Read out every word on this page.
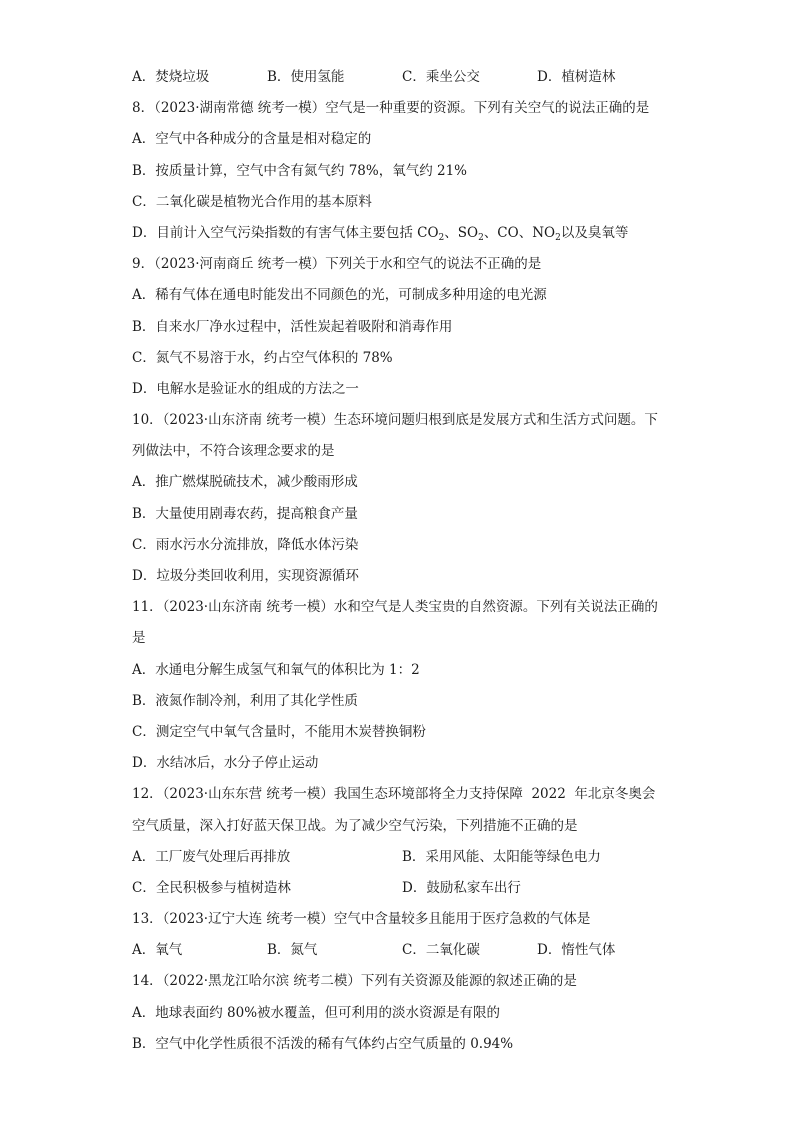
A．焚烧垃圾	B．使用氢能	C．乘坐公交	D．植树造林
8．（2023·湖南常德 统考一模）空气是一种重要的资源。下列有关空气的说法正确的是
A．空气中各种成分的含量是相对稳定的
B．按质量计算，空气中含有氮气约 78%，氧气约 21%
C．二氧化碳是植物光合作用的基本原料
D．目前计入空气污染指数的有害气体主要包括 $CO_2$、$SO_2$、CO、$NO_2$以及臭氧等
9．（2023·河南商丘 统考一模）下列关于水和空气的说法不正确的是
A．稀有气体在通电时能发出不同颜色的光，可制成多种用途的电光源
B．自来水厂净水过程中，活性炭起着吸附和消毒作用
C．氮气不易溶于水，约占空气体积的 78%
D．电解水是验证水的组成的方法之一
10．（2023·山东济南 统考一模）生态环境问题归根到底是发展方式和生活方式问题。下
列做法中，不符合该理念要求的是
A．推广燃煤脱硫技术，减少酸雨形成
B．大量使用剧毒农药，提高粮食产量
C．雨水污水分流排放，降低水体污染
D．垃圾分类回收利用，实现资源循环
11．（2023·山东济南 统考一模）水和空气是人类宝贵的自然资源。下列有关说法正确的
是
A．水通电分解生成氢气和氧气的体积比为 1：2
B．液氮作制冷剂，利用了其化学性质
C．测定空气中氧气含量时，不能用木炭替换铜粉
D．水结冰后，水分子停止运动
12．（2023·山东东营 统考一模）我国生态环境部将全力支持保障  2022  年北京冬奥会
空气质量，深入打好蓝天保卫战。为了减少空气污染，下列措施不正确的是
A．工厂废气处理后再排放	B．采用风能、太阳能等绿色电力
C．全民积极参与植树造林	D．鼓励私家车出行
13．（2023·辽宁大连 统考一模）空气中含量较多且能用于医疗急救的气体是
A．氧气	B．氮气	C．二氧化碳	D．惰性气体
14．（2022·黑龙江哈尔滨 统考二模）下列有关资源及能源的叙述正确的是
A．地球表面约 80%被水覆盖，但可利用的淡水资源是有限的
B．空气中化学性质很不活泼的稀有气体约占空气质量的 0.94%
